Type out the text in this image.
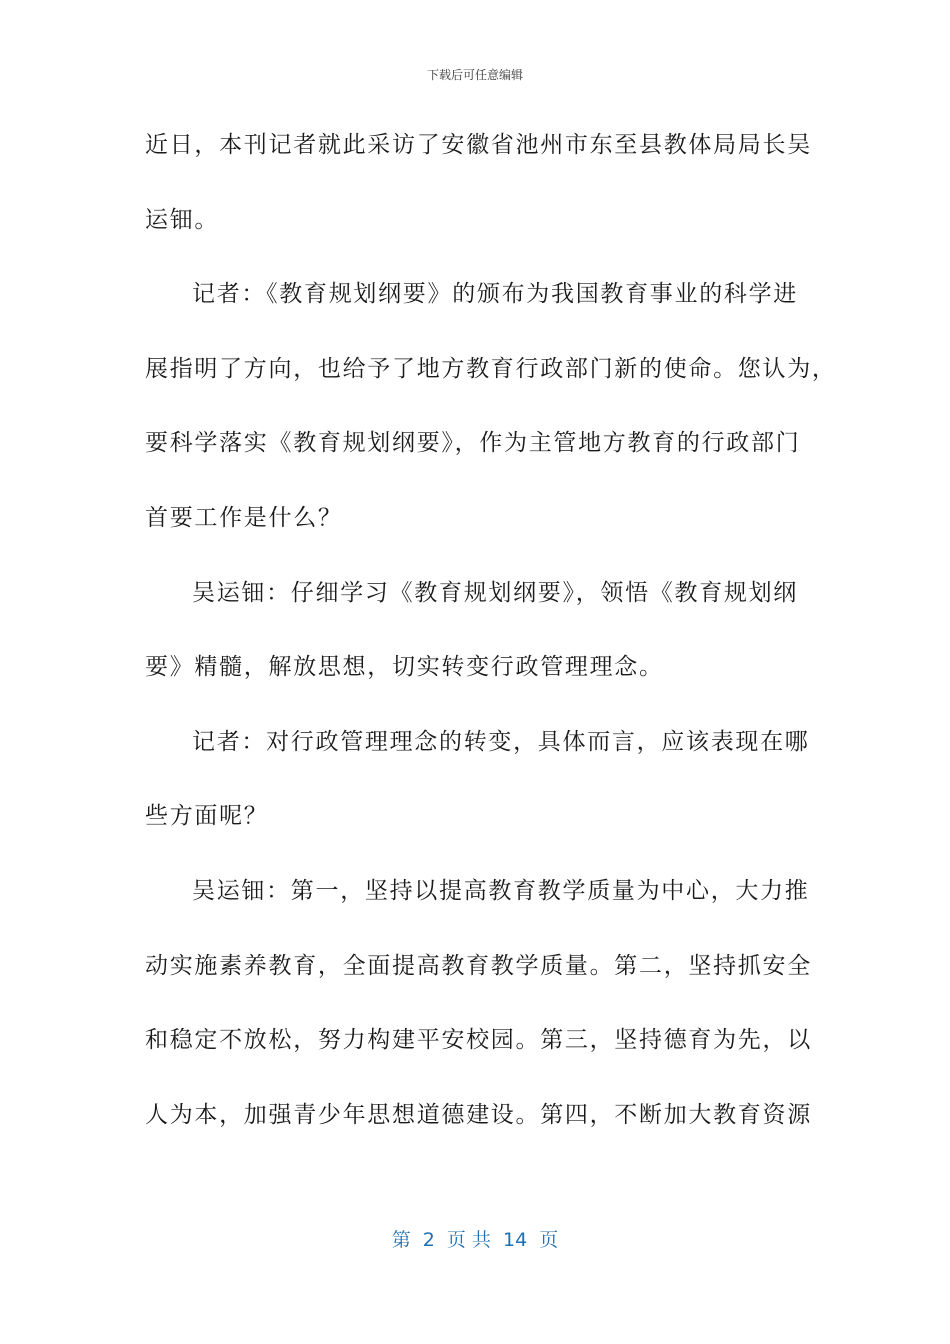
下载后可任意编辑
近日，本刊记者就此采访了安徽省池州市东至县教体局局长吴
运钿。
记者：《教育规划纲要》的颁布为我国教育事业的科学进
展指明了方向，也给予了地方教育行政部门新的使命。您认为，
要科学落实《教育规划纲要》，作为主管地方教育的行政部门
首要工作是什么？
吴运钿：仔细学习《教育规划纲要》，领悟《教育规划纲
要》精髓，解放思想，切实转变行政管理理念。
记者：对行政管理理念的转变，具体而言，应该表现在哪
些方面呢？
吴运钿：第一，坚持以提高教育教学质量为中心，大力推
动实施素养教育，全面提高教育教学质量。第二，坚持抓安全
和稳定不放松，努力构建平安校园。第三，坚持德育为先，以
人为本，加强青少年思想道德建设。第四，不断加大教育资源
第  2  页 共  14  页
